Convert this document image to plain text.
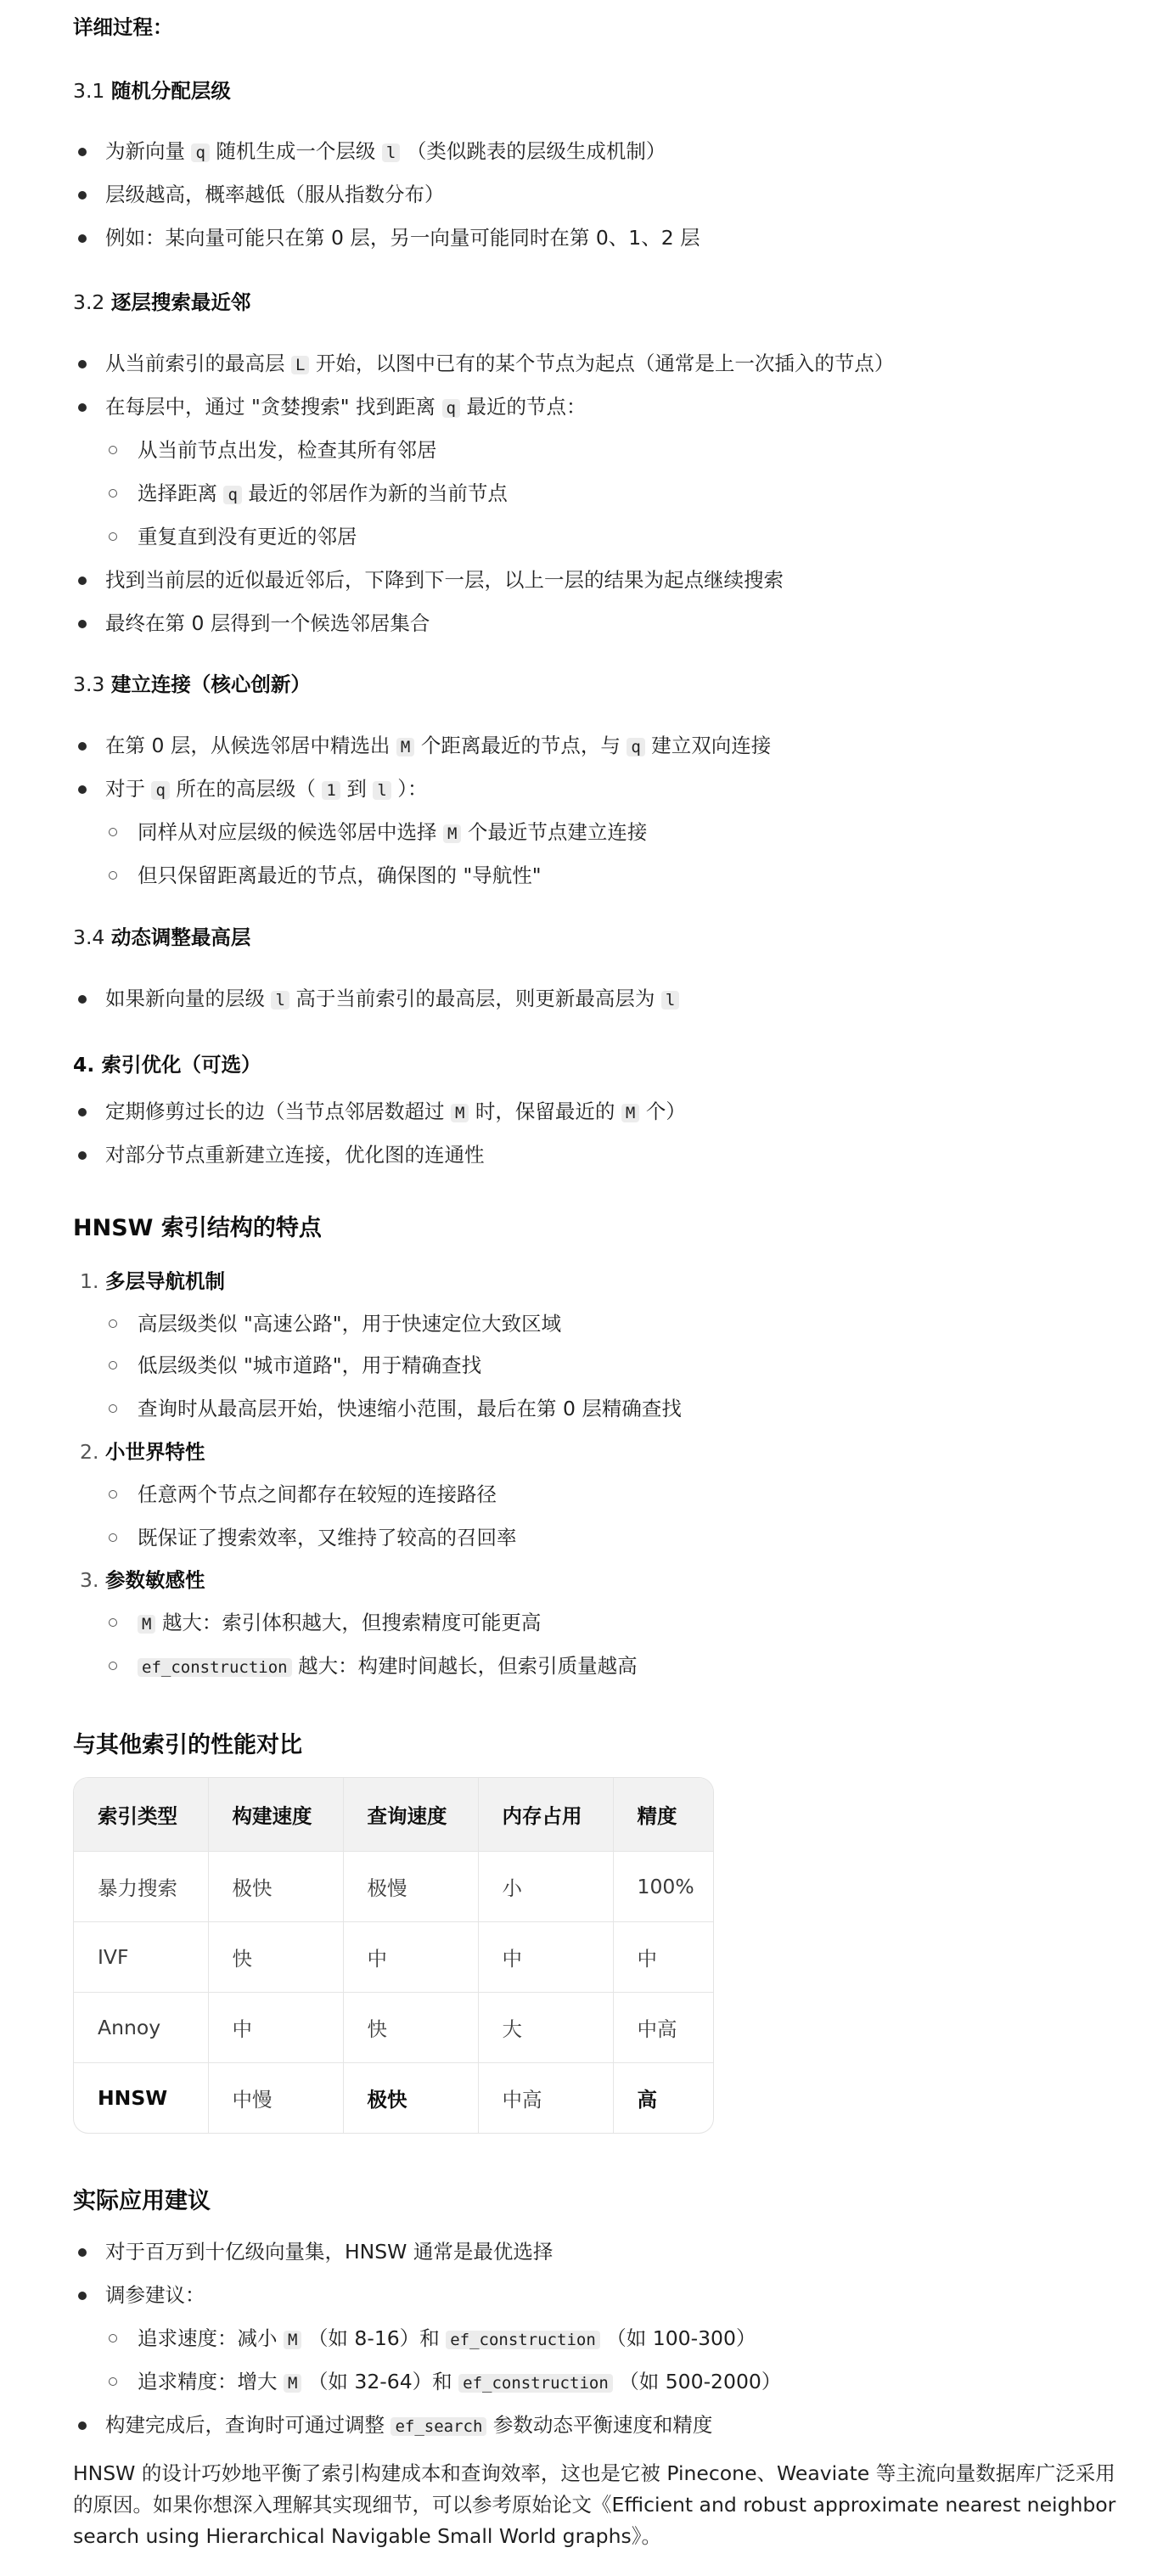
详细过程：
3.1 随机分配层级
为新向量 q 随机生成一个层级 l （类似跳表的层级生成机制）
层级越高，概率越低（服从指数分布）
例如：某向量可能只在第 0 层，另一向量可能同时在第 0、1、2 层
3.2 逐层搜索最近邻
从当前索引的最高层 L 开始，以图中已有的某个节点为起点（通常是上一次插入的节点）
在每层中，通过 "贪婪搜索" 找到距离 q 最近的节点：
从当前节点出发，检查其所有邻居
选择距离 q 最近的邻居作为新的当前节点
重复直到没有更近的邻居
找到当前层的近似最近邻后，下降到下一层，以上一层的结果为起点继续搜索
最终在第 0 层得到一个候选邻居集合
3.3 建立连接（核心创新）
在第 0 层，从候选邻居中精选出 M 个距离最近的节点，与 q 建立双向连接
对于 q 所在的高层级（ 1 到 l ）：
同样从对应层级的候选邻居中选择 M 个最近节点建立连接
但只保留距离最近的节点，确保图的 "导航性"
3.4 动态调整最高层
如果新向量的层级 l 高于当前索引的最高层，则更新最高层为 l
4. 索引优化（可选）
定期修剪过长的边（当节点邻居数超过 M 时，保留最近的 M 个）
对部分节点重新建立连接，优化图的连通性
HNSW 索引结构的特点
1. 多层导航机制
高层级类似 "高速公路"，用于快速定位大致区域
低层级类似 "城市道路"，用于精确查找
查询时从最高层开始，快速缩小范围，最后在第 0 层精确查找
2. 小世界特性
任意两个节点之间都存在较短的连接路径
既保证了搜索效率，又维持了较高的召回率
3. 参数敏感性
M 越大：索引体积越大，但搜索精度可能更高
ef_construction 越大：构建时间越长，但索引质量越高
与其他索引的性能对比
索引类型	构建速度	查询速度	内存占用	精度
暴力搜索	极快	极慢	小	100%
IVF	快	中	中	中
Annoy	中	快	大	中高
HNSW	中慢	极快	中高	高
实际应用建议
对于百万到十亿级向量集，HNSW 通常是最优选择
调参建议：
追求速度：减小 M （如 8-16）和 ef_construction （如 100-300）
追求精度：增大 M （如 32-64）和 ef_construction （如 500-2000）
构建完成后，查询时可通过调整 ef_search 参数动态平衡速度和精度
HNSW 的设计巧妙地平衡了索引构建成本和查询效率，这也是它被 Pinecone、Weaviate 等主流向量数据库广泛采用的原因。如果你想深入理解其实现细节，可以参考原始论文《Efficient and robust approximate nearest neighbor search using Hierarchical Navigable Small World graphs》。
